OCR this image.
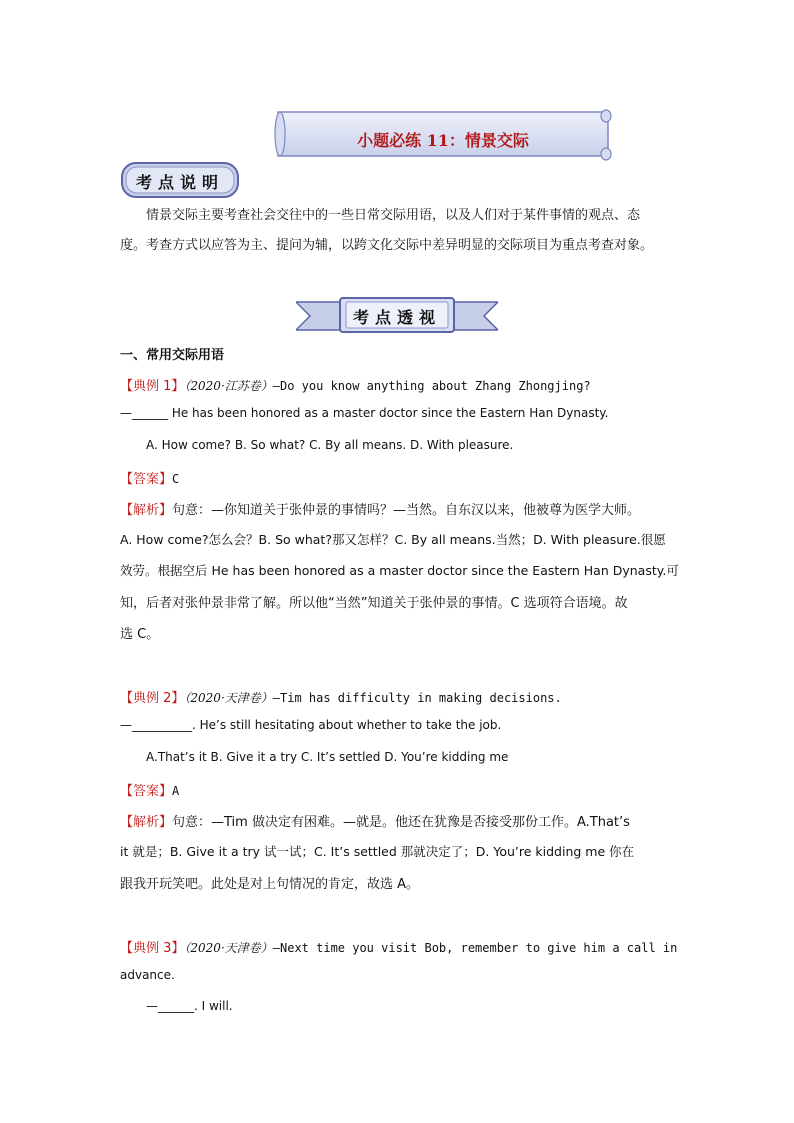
小题必练 11：情景交际
考点说明
情景交际主要考查社会交往中的一些日常交际用语，以及人们对于某件事情的观点、态
度。考查方式以应答为主、提问为辅，以跨文化交际中差异明显的交际项目为重点考查对象。
考点透视
一、常用交际用语
【典例 1】（2020·江苏卷）—Do you know anything about Zhang Zhongjing?
—______ He has been honored as a master doctor since the Eastern Han Dynasty.
A. How come? B. So what? C. By all means. D. With pleasure.
【答案】C
【解析】句意：—你知道关于张仲景的事情吗？—当然。自东汉以来，他被尊为医学大师。
A. How come?怎么会？B. So what?那又怎样？C. By all means.当然；D. With pleasure.很愿
效劳。根据空后 He has been honored as a master doctor since the Eastern Han Dynasty.可
知，后者对张仲景非常了解。所以他“当然”知道关于张仲景的事情。C 选项符合语境。故
选 C。
【典例 2】（2020·天津卷）—Tim has difficulty in making decisions.
—__________. He’s still hesitating about whether to take the job.
A.That’s it B. Give it a try C. It’s settled D. You’re kidding me
【答案】A
【解析】句意：—Tim 做决定有困难。—就是。他还在犹豫是否接受那份工作。A.That’s
it 就是；B. Give it a try 试一试；C. It’s settled 那就决定了；D. You’re kidding me 你在
跟我开玩笑吧。此处是对上句情况的肯定，故选 A。
【典例 3】（2020·天津卷）—Next time you visit Bob, remember to give him a call in
advance.
—______. I will.
